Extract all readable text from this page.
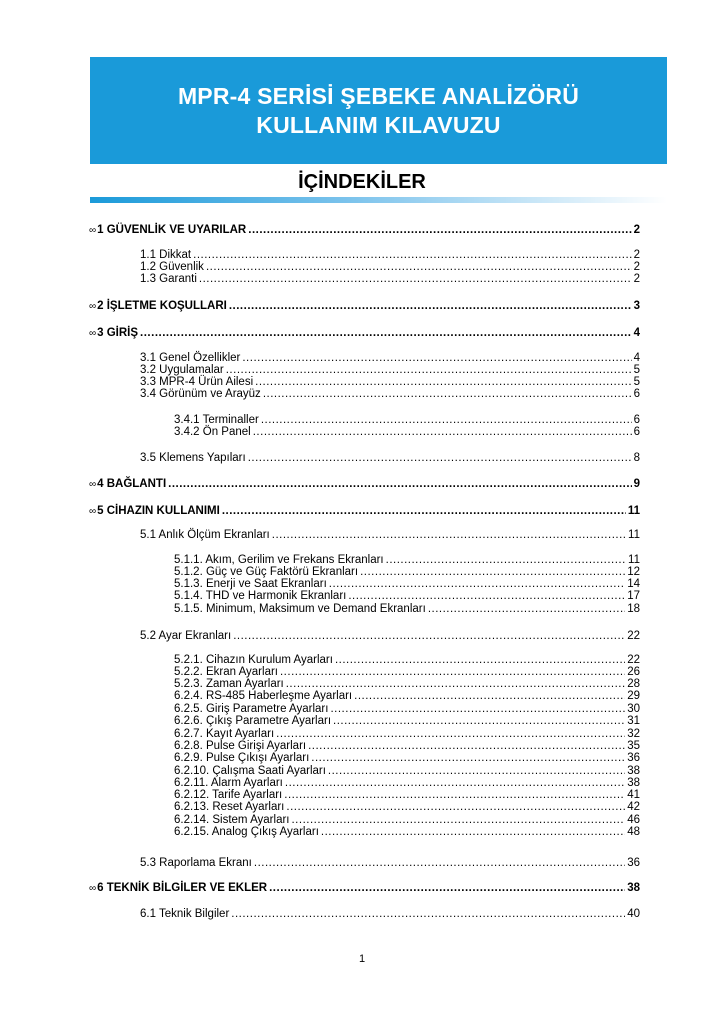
MPR-4 SERİSİ ŞEBEKE ANALİZÖRÜ
KULLANIM KILAVUZU
İÇİNDEKİLER
∞ 1 GÜVENLİK VE UYARILAR .....	2
1.1 Dikkat .....	2
1.2 Güvenlik .....	2
1.3 Garanti .....	2
∞ 2 İŞLETME KOŞULLARI .....	3
∞ 3 GİRİŞ .....	4
3.1 Genel Özellikler .....	4
3.2 Uygulamalar .....	5
3.3 MPR-4 Ürün Ailesi .....	5
3.4 Görünüm ve Arayüz .....	6
3.4.1 Terminaller .....	6
3.4.2 Ön Panel .....	6
3.5 Klemens Yapıları .....	8
∞ 4 BAĞLANTI .....	9
∞ 5 CİHAZIN KULLANIMI .....	11
5.1 Anlık Ölçüm Ekranları .....	11
5.1.1. Akım, Gerilim ve Frekans Ekranları .....	11
5.1.2. Güç ve Güç Faktörü Ekranları .....	12
5.1.3. Enerji ve Saat Ekranları .....	14
5.1.4. THD ve Harmonik Ekranları .....	17
5.1.5. Minimum, Maksimum ve Demand Ekranları .....	18
5.2 Ayar Ekranları .....	22
5.2.1. Cihazın Kurulum Ayarları .....	22
5.2.2. Ekran Ayarları .....	26
5.2.3. Zaman Ayarları .....	28
6.2.4. RS-485 Haberleşme Ayarları .....	29
6.2.5. Giriş Parametre Ayarları .....	30
6.2.6. Çıkış Parametre Ayarları .....	31
6.2.7. Kayıt Ayarları .....	32
6.2.8. Pulse Girişi Ayarları .....	35
6.2.9. Pulse Çıkışı Ayarları .....	36
6.2.10. Çalışma Saati Ayarları .....	38
6.2.11. Alarm Ayarları .....	38
6.2.12. Tarife Ayarları .....	41
6.2.13. Reset Ayarları .....	42
6.2.14. Sistem Ayarları .....	46
6.2.15. Analog Çıkış Ayarları .....	48
5.3 Raporlama Ekranı .....	36
∞ 6 TEKNİK BİLGİLER VE EKLER .....	38
6.1 Teknik Bilgiler .....	40
1
